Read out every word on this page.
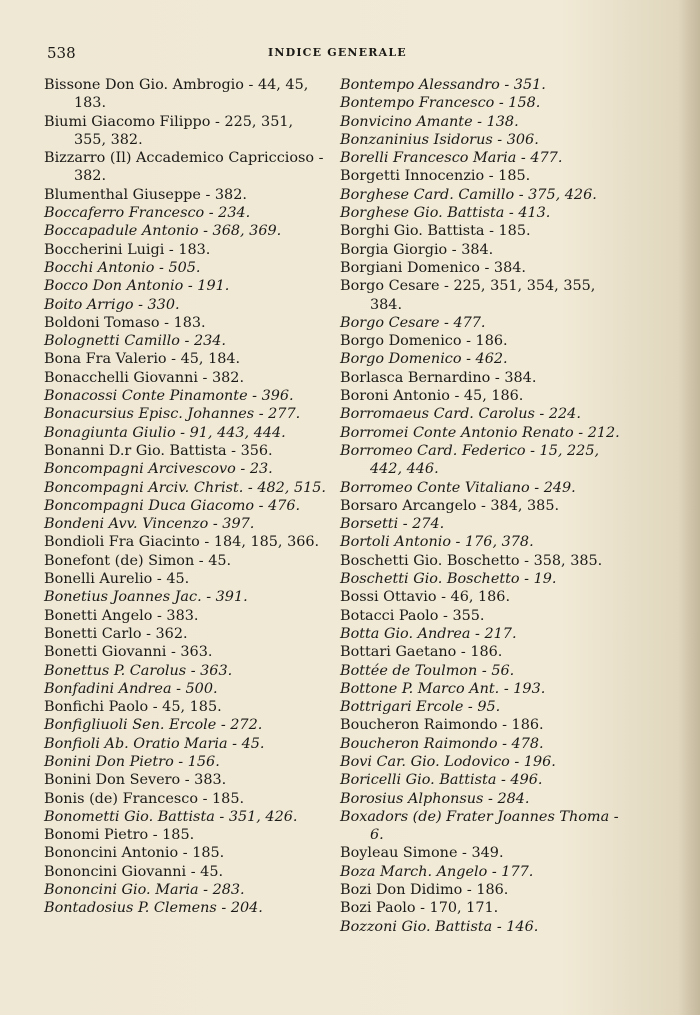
538	INDICE GENERALE
Bissone Don Gio. Ambrogio - 44, 45, 183.
Biumi Giacomo Filippo - 225, 351, 355, 382.
Bizzarro (Il) Accademico Capriccioso - 382.
Blumenthal Giuseppe - 382.
Boccaferro Francesco - 234.
Boccapadule Antonio - 368, 369.
Boccherini Luigi - 183.
Bocchi Antonio - 505.
Bocco Don Antonio - 191.
Boito Arrigo - 330.
Boldoni Tomaso - 183.
Bolognetti Camillo - 234.
Bona Fra Valerio - 45, 184.
Bonacchelli Giovanni - 382.
Bonacossi Conte Pinamonte - 396.
Bonacursius Episc. Johannes - 277.
Bonagiunta Giulio - 91, 443, 444.
Bonanni D.r Gio. Battista - 356.
Boncompagni Arcivescovo - 23.
Boncompagni Arciv. Christ. - 482, 515.
Boncompagni Duca Giacomo - 476.
Bondeni Avv. Vincenzo - 397.
Bondioli Fra Giacinto - 184, 185, 366.
Bonefont (de) Simon - 45.
Bonelli Aurelio - 45.
Bonetius Joannes Jac. - 391.
Bonetti Angelo - 383.
Bonetti Carlo - 362.
Bonetti Giovanni - 363.
Bonettus P. Carolus - 363.
Bonfadini Andrea - 500.
Bonfichi Paolo - 45, 185.
Bonfigliuoli Sen. Ercole - 272.
Bonfioli Ab. Oratio Maria - 45.
Bonini Don Pietro - 156.
Bonini Don Severo - 383.
Bonis (de) Francesco - 185.
Bonometti Gio. Battista - 351, 426.
Bonomi Pietro - 185.
Bononcini Antonio - 185.
Bononcini Giovanni - 45.
Bononcini Gio. Maria - 283.
Bontadosius P. Clemens - 204.
Bontempo Alessandro - 351.
Bontempo Francesco - 158.
Bonvicino Amante - 138.
Bonzaninius Isidorus - 306.
Borelli Francesco Maria - 477.
Borgetti Innocenzio - 185.
Borghese Card. Camillo - 375, 426.
Borghese Gio. Battista - 413.
Borghi Gio. Battista - 185.
Borgia Giorgio - 384.
Borgiani Domenico - 384.
Borgo Cesare - 225, 351, 354, 355, 384.
Borgo Cesare - 477.
Borgo Domenico - 186.
Borgo Domenico - 462.
Borlasca Bernardino - 384.
Boroni Antonio - 45, 186.
Borromaeus Card. Carolus - 224.
Borromei Conte Antonio Renato - 212.
Borromeo Card. Federico - 15, 225, 442, 446.
Borromeo Conte Vitaliano - 249.
Borsaro Arcangelo - 384, 385.
Borsetti - 274.
Bortoli Antonio - 176, 378.
Boschetti Gio. Boschetto - 358, 385.
Boschetti Gio. Boschetto - 19.
Bossi Ottavio - 46, 186.
Botacci Paolo - 355.
Botta Gio. Andrea - 217.
Bottari Gaetano - 186.
Bottée de Toulmon - 56.
Bottone P. Marco Ant. - 193.
Bottrigari Ercole - 95.
Boucheron Raimondo - 186.
Boucheron Raimondo - 478.
Bovi Car. Gio. Lodovico - 196.
Boricelli Gio. Battista - 496.
Borosius Alphonsus - 284.
Boxadors (de) Frater Joannes Thoma - 6.
Boyleau Simone - 349.
Boza March. Angelo - 177.
Bozi Don Didimo - 186.
Bozi Paolo - 170, 171.
Bozzoni Gio. Battista - 146.
